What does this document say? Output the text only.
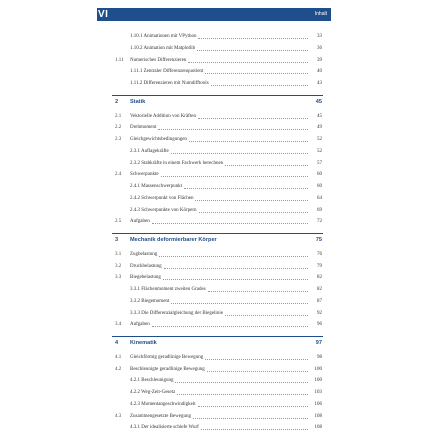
VI	Inhalt
1.10.1 Animationen mit VPython	33
1.10.2 Animation mit Matplotlib	36
1.11	Numerisches Differenzieren	39
1.11.1 Zentraler Differenzenquotient	40
1.11.2 Differenzieren mit Numdifftools	43
2	Statik	45
2.1	Vektorielle Addition von Kräften	45
2.2	Drehmoment	49
2.3	Gleichgewichtsbedingungen	52
2.3.1 Auflagekräfte	52
2.3.2 Stabkräfte in einem Fachwerk berechnen	57
2.4	Schwerpunkte	60
2.4.1 Massenschwerpunkt	60
2.4.2 Schwerpunkt von Flächen	64
2.4.3 Schwerpunkte von Körpern	69
2.5	Aufgaben	72
3	Mechanik deformierbarer Körper	75
3.1	Zugbelastung	76
3.2	Druckbelastung	79
3.3	Biegebelastung	82
3.3.1 Flächenmoment zweiten Grades	82
3.3.2 Biegemoment	87
3.3.3 Die Differenzialgleichung der Biegelinie	92
3.4	Aufgaben	96
4	Kinematik	97
4.1	Gleichförmig geradlinige Bewegung	98
4.2	Beschleunigte geradlinige Bewegung	100
4.2.1 Beschleunigung	100
4.2.2 Weg-Zeit-Gesetz	103
4.2.3 Momentangeschwindigkeit	106
4.3	Zusammengesetzte Bewegung	108
4.3.1 Der idealisierte schiefe Wurf	108
